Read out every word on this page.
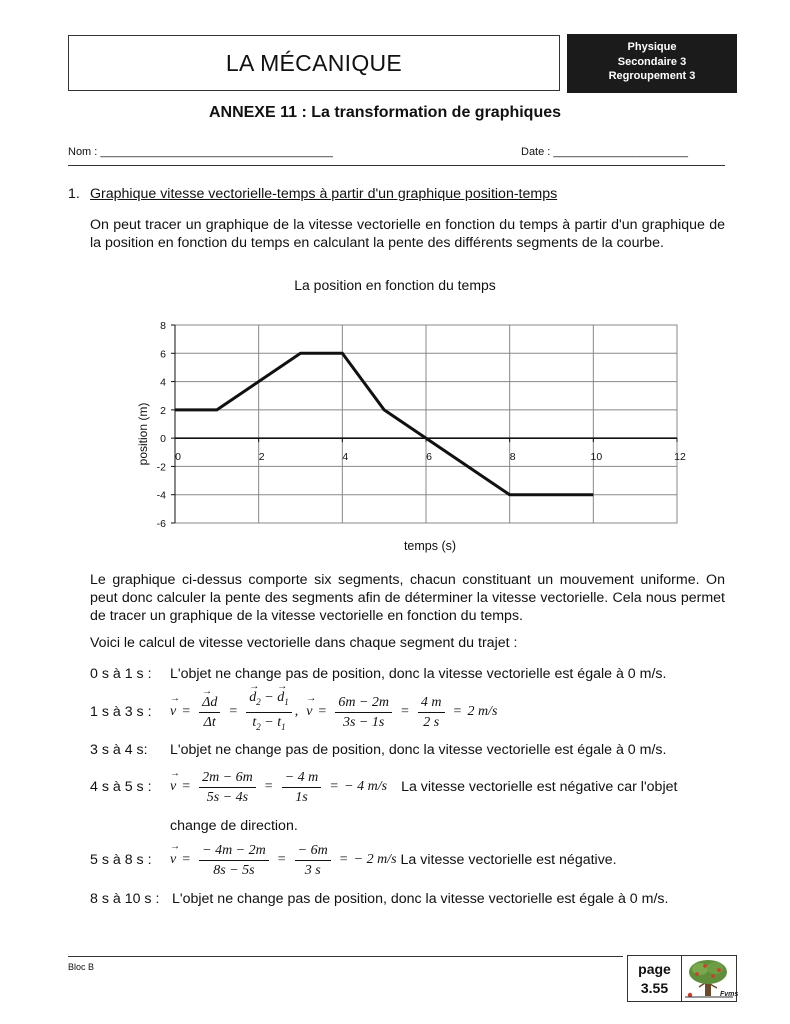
LA MÉCANIQUE
Physique
Secondaire 3
Regroupement 3
ANNEXE 11 : La transformation de graphiques
Nom : ______________________________________	Date : ______________________
1. Graphique vitesse vectorielle-temps à partir d'un graphique position-temps
On peut tracer un graphique de la vitesse vectorielle en fonction du temps à partir d'un graphique de la position en fonction du temps en calculant la pente des différents segments de la courbe.
La position en fonction du temps
8
6
4
2
0
-2
-4
-6
0	2	4	6	8	10	12
temps (s)
position (m)
Le graphique ci-dessus comporte six segments, chacun constituant un mouvement uniforme. On peut donc calculer la pente des segments afin de déterminer la vitesse vectorielle. Cela nous permet de tracer un graphique de la vitesse vectorielle en fonction du temps.
Voici le calcul de vitesse vectorielle dans chaque segment du trajet :
0 s à 1 s :	L'objet ne change pas de position, donc la vitesse vectorielle est égale à 0 m/s.
1 s à 3 s :	→ v = → $\frac{\Delta d}{\Delta t}$ = → $\frac{d_2 - \to d_1}{t_2 - t_1}$ , → $v = \frac{6m - 2m}{3s - 1s} = \frac{4 m}{2 s} = 2$ m/s
3 s à 4 s:	L'objet ne change pas de position, donc la vitesse vectorielle est égale à 0 m/s.
4 s à 5 s :	→ $v = \frac{2m - 6m}{5s - 4s} = \frac{- 4 m}{1s}$ = − 4 m/s La vitesse vectorielle est négative car l'objet
change de direction.
5 s à 8 s :	→ $v = \frac{- 4m - 2m}{8s - 5s} = \frac{- 6m}{3 s}$ = − 2 m/s La vitesse vectorielle est négative.
8 s à 10 s : L'objet ne change pas de position, donc la vitesse vectorielle est égale à 0 m/s.
Bloc B	page
3.55	Fvms
